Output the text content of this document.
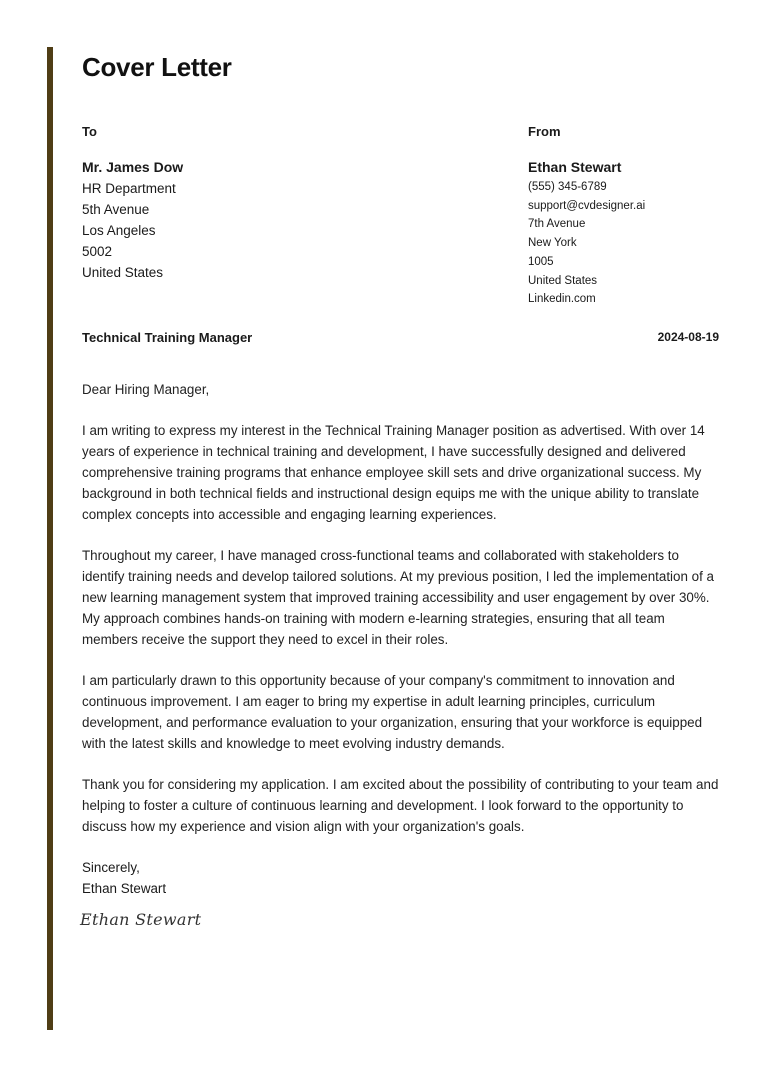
Cover Letter
To
Mr. James Dow
HR Department
5th Avenue
Los Angeles
5002
United States
From
Ethan Stewart
(555) 345-6789
support@cvdesigner.ai
7th Avenue
New York
1005
United States
Linkedin.com
Technical Training Manager	2024-08-19

Dear Hiring Manager,

I am writing to express my interest in the Technical Training Manager position as advertised. With over 14 years of experience in technical training and development, I have successfully designed and delivered comprehensive training programs that enhance employee skill sets and drive organizational success. My background in both technical fields and instructional design equips me with the unique ability to translate complex concepts into accessible and engaging learning experiences.

Throughout my career, I have managed cross-functional teams and collaborated with stakeholders to identify training needs and develop tailored solutions. At my previous position, I led the implementation of a new learning management system that improved training accessibility and user engagement by over 30%. My approach combines hands-on training with modern e-learning strategies, ensuring that all team members receive the support they need to excel in their roles.

I am particularly drawn to this opportunity because of your company's commitment to innovation and continuous improvement. I am eager to bring my expertise in adult learning principles, curriculum development, and performance evaluation to your organization, ensuring that your workforce is equipped with the latest skills and knowledge to meet evolving industry demands.

Thank you for considering my application. I am excited about the possibility of contributing to your team and helping to foster a culture of continuous learning and development. I look forward to the opportunity to discuss how my experience and vision align with your organization's goals.

Sincerely,
Ethan Stewart
Ethan Stewart
